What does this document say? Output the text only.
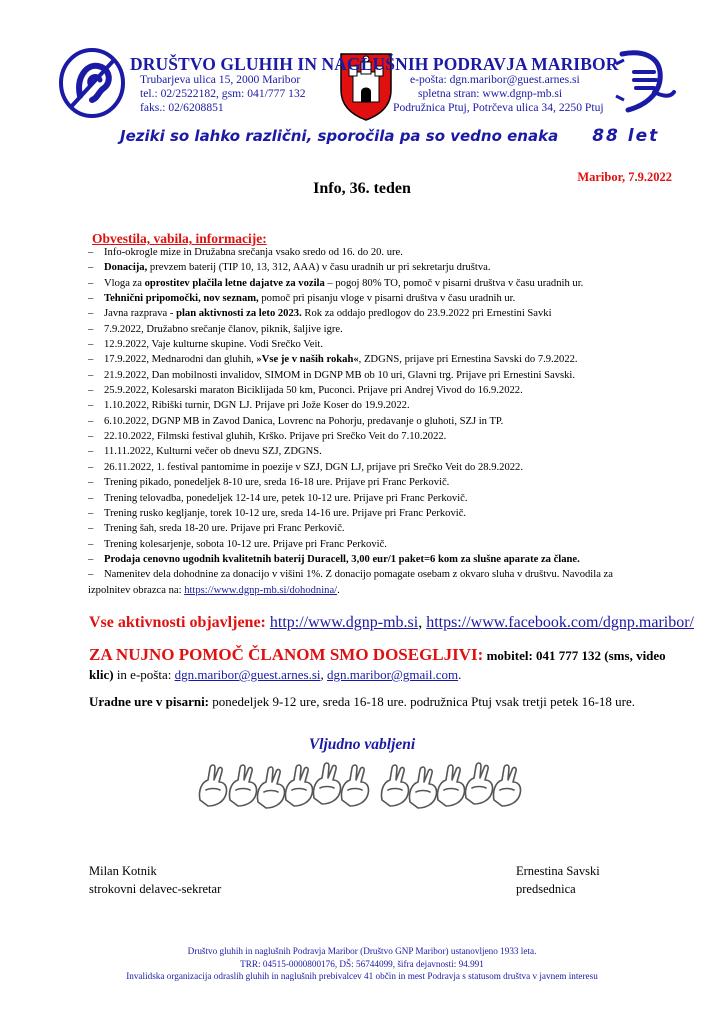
DRUŠTVO GLUHIH IN NAGLUŠNIH PODRAVJA MARIBOR
Trubarjeva ulica 15, 2000 Maribor
tel.: 02/2522182, gsm: 041/777 132
faks.: 02/6208851
e-pošta: dgn.maribor@guest.arnes.si
spletna stran: www.dgnp-mb.si
Podružnica Ptuj, Potrčeva ulica 34, 2250 Ptuj
Jeziki so lahko različni, sporočila pa so vedno enaka 88 let
Maribor, 7.9.2022
Info, 36. teden
Obvestila, vabila, informacije:
– Info-okrogle mize in Družabna srečanja vsako sredo od 16. do 20. ure.
– Donacija, prevzem baterij (TIP 10, 13, 312, AAA) v času uradnih ur pri sekretarju društva.
– Vloga za oprostitev plačila letne dajatve za vozila – pogoj 80% TO, pomoč v pisarni društva v času uradnih ur.
– Tehnični pripomočki, nov seznam, pomoč pri pisanju vloge v pisarni društva v času uradnih ur.
– Javna razprava - plan aktivnosti za leto 2023. Rok za oddajo predlogov do 23.9.2022 pri Ernestini Savki
– 7.9.2022, Družabno srečanje članov, piknik, šaljive igre.
– 12.9.2022, Vaje kulturne skupine. Vodi Srečko Veit.
– 17.9.2022, Mednarodni dan gluhih, »Vse je v naših rokah«, ZDGNS, prijave pri Ernestina Savski do 7.9.2022.
– 21.9.2022, Dan mobilnosti invalidov, SIMOM in DGNP MB ob 10 uri, Glavni trg. Prijave pri Ernestini Savski.
– 25.9.2022, Kolesarski maraton Biciklijada 50 km, Puconci. Prijave pri Andrej Vivod do 16.9.2022.
– 1.10.2022, Ribiški turnir, DGN LJ. Prijave pri Jože Koser do 19.9.2022.
– 6.10.2022, DGNP MB in Zavod Danica, Lovrenc na Pohorju, predavanje o gluhoti, SZJ in TP.
– 22.10.2022, Filmski festival gluhih, Krško. Prijave pri Srečko Veit do 7.10.2022.
– 11.11.2022, Kulturni večer ob dnevu SZJ, ZDGNS.
– 26.11.2022, 1. festival pantomime in poezije v SZJ, DGN LJ, prijave pri Srečko Veit do 28.9.2022.
– Trening pikado, ponedeljek 8-10 ure, sreda 16-18 ure. Prijave pri Franc Perkovič.
– Trening telovadba, ponedeljek 12-14 ure, petek 10-12 ure. Prijave pri Franc Perkovič.
– Trening rusko kegljanje, torek 10-12 ure, sreda 14-16 ure. Prijave pri Franc Perkovič.
– Trening šah, sreda 18-20 ure. Prijave pri Franc Perkovič.
– Trening kolesarjenje, sobota 10-12 ure. Prijave pri Franc Perkovič.
– Prodaja cenovno ugodnih kvalitetnih baterij Duracell, 3,00 eur/1 paket=6 kom za slušne aparate za člane.
– Namenitev dela dohodnine za donacijo v višini 1%. Z donacijo pomagate osebam z okvaro sluha v društvu. Navodila za
izpolnitev obrazca na: https://www.dgnp-mb.si/dohodnina/.
Vse aktivnosti objavljene: http://www.dgnp-mb.si, https://www.facebook.com/dgnp.maribor/
ZA NUJNO POMOČ ČLANOM SMO DOSEGLJIVI: mobitel: 041 777 132 (sms, video
klic) in e-pošta: dgn.maribor@guest.arnes.si, dgn.maribor@gmail.com.
Uradne ure v pisarni: ponedeljek 9-12 ure, sreda 16-18 ure. podružnica Ptuj vsak tretji petek 16-18 ure.
Vljudno vabljeni
Milan Kotnik
strokovni delavec-sekretar
Ernestina Savski
predsednica
Društvo gluhih in naglušnih Podravja Maribor (Društvo GNP Maribor) ustanovljeno 1933 leta.
TRR: 04515-0000800176, DŠ: 56744099, šifra dejavnosti: 94.991
Invalidska organizacija odraslih gluhih in naglušnih prebivalcev 41 občin in mest Podravja s statusom društva v javnem interesu
